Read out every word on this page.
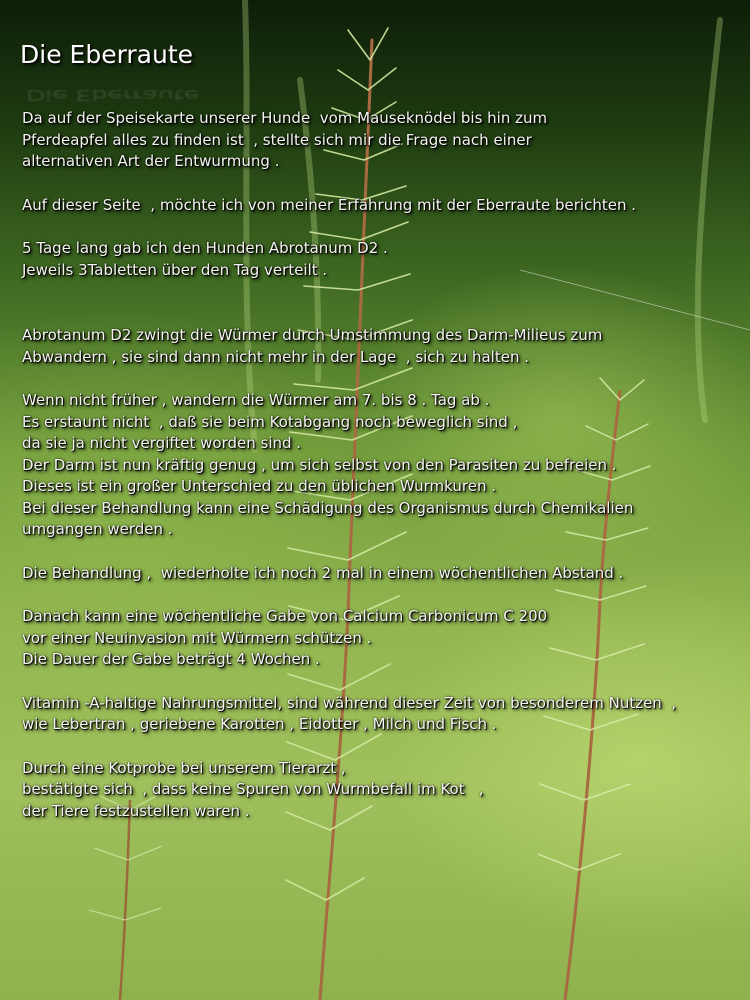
Die Eberraute
Die Eberraute

Da auf der Speisekarte unserer Hunde  vom Mauseknödel bis hin zum
Pferdeapfel alles zu finden ist  , stellte sich mir die Frage nach einer
alternativen Art der Entwurmung .

Auf dieser Seite  , möchte ich von meiner Erfahrung mit der Eberraute berichten .

5 Tage lang gab ich den Hunden Abrotanum D2 .
Jeweils 3Tabletten über den Tag verteilt .

Abrotanum D2 zwingt die Würmer durch Umstimmung des Darm-Milieus zum
Abwandern , sie sind dann nicht mehr in der Lage  , sich zu halten .

Wenn nicht früher , wandern die Würmer am 7. bis 8 . Tag ab .
Es erstaunt nicht  , daß sie beim Kotabgang noch beweglich sind ,
da sie ja nicht vergiftet worden sind .
Der Darm ist nun kräftig genug , um sich selbst von den Parasiten zu befreien .
Dieses ist ein großer Unterschied zu den üblichen Wurmkuren .
Bei dieser Behandlung kann eine Schädigung des Organismus durch Chemikalien
umgangen werden .

Die Behandlung ,  wiederholte ich noch 2 mal in einem wöchentlichen Abstand .

Danach kann eine wöchentliche Gabe von Calcium Carbonicum C 200
vor einer Neuinvasion mit Würmern schützen .
Die Dauer der Gabe beträgt 4 Wochen .

Vitamin -A-haltige Nahrungsmittel, sind während dieser Zeit von besonderem Nutzen  ,
wie Lebertran , geriebene Karotten , Eidotter , Milch und Fisch .

Durch eine Kotprobe bei unserem Tierarzt ,
bestätigte sich  , dass keine Spuren von Wurmbefall im Kot   ,
der Tiere festzustellen waren .
